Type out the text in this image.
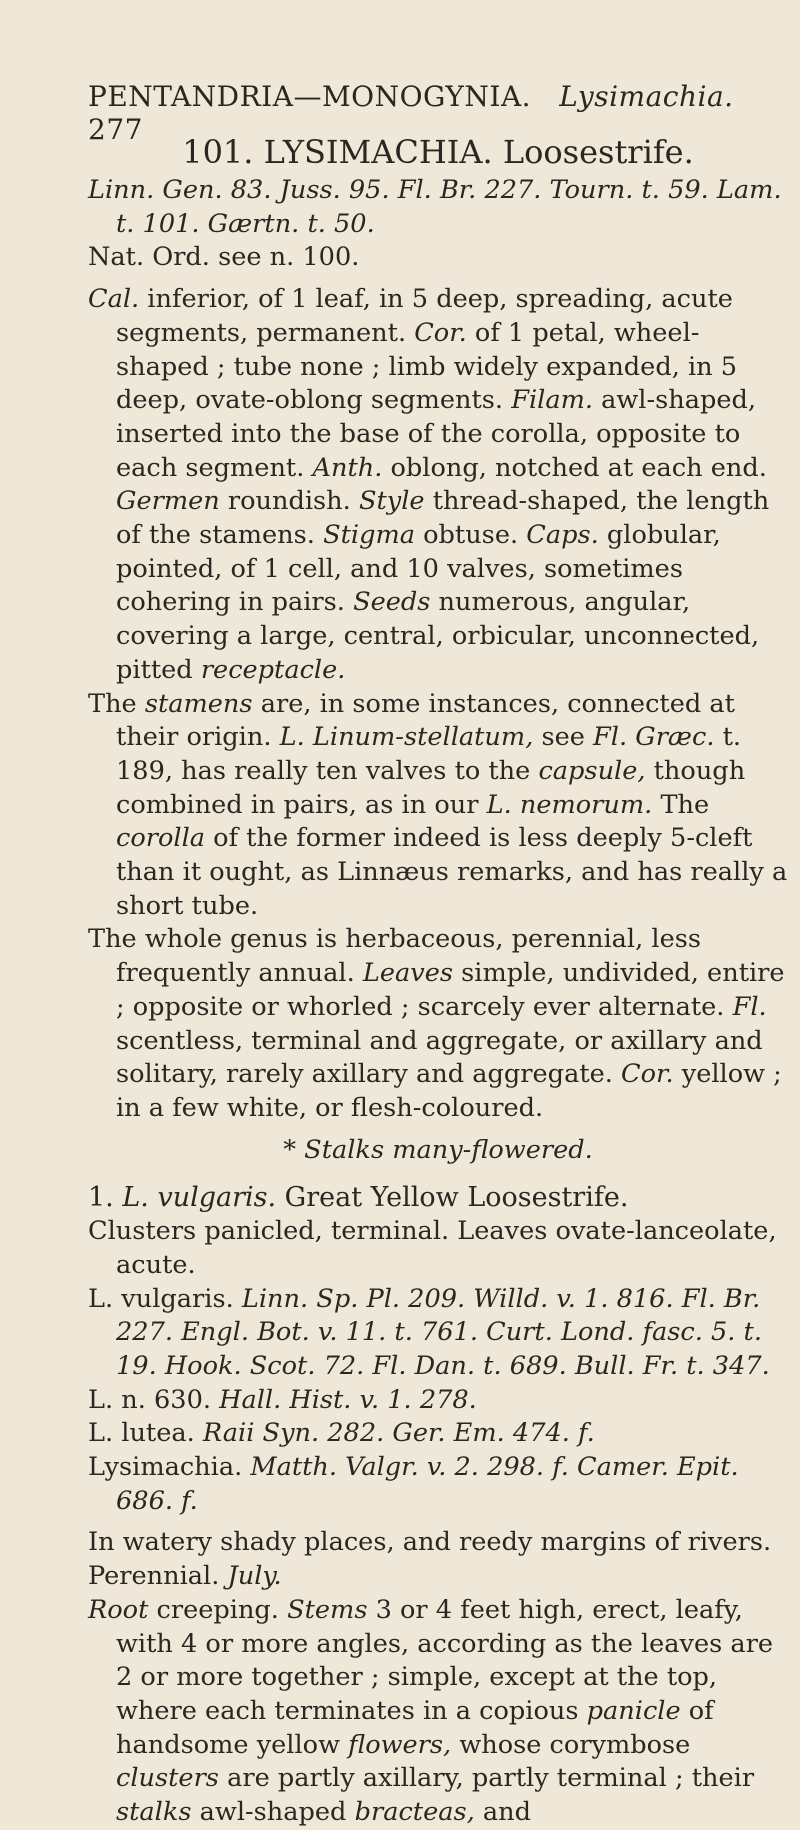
PENTANDRIA—MONOGYNIA. Lysimachia.  277

101. LYSIMACHIA. Loosestrife.

Linn. Gen. 83. Juss. 95. Fl. Br. 227. Tourn. t. 59. Lam. t. 101. Gærtn. t. 50.

Nat. Ord. see n. 100.

Cal. inferior, of 1 leaf, in 5 deep, spreading, acute segments, permanent. Cor. of 1 petal, wheel-shaped ; tube none ; limb widely expanded, in 5 deep, ovate-oblong segments. Filam. awl-shaped, inserted into the base of the corolla, opposite to each segment. Anth. oblong, notched at each end. Germen roundish. Style thread-shaped, the length of the stamens. Stigma obtuse. Caps. globular, pointed, of 1 cell, and 10 valves, sometimes cohering in pairs. Seeds numerous, angular, covering a large, central, orbicular, unconnected, pitted receptacle.

The stamens are, in some instances, connected at their origin. L. Linum-stellatum, see Fl. Græc. t. 189, has really ten valves to the capsule, though combined in pairs, as in our L. nemorum. The corolla of the former indeed is less deeply 5-cleft than it ought, as Linnæus remarks, and has really a short tube.

The whole genus is herbaceous, perennial, less frequently annual. Leaves simple, undivided, entire ; opposite or whorled ; scarcely ever alternate. Fl. scentless, terminal and aggregate, or axillary and solitary, rarely axillary and aggregate. Cor. yellow ; in a few white, or flesh-coloured.

* Stalks many-flowered.

1. L. vulgaris. Great Yellow Loosestrife.

Clusters panicled, terminal. Leaves ovate-lanceolate, acute.

L. vulgaris. Linn. Sp. Pl. 209. Willd. v. 1. 816. Fl. Br. 227. Engl. Bot. v. 11. t. 761. Curt. Lond. fasc. 5. t. 19. Hook. Scot. 72. Fl. Dan. t. 689. Bull. Fr. t. 347.

L. n. 630. Hall. Hist. v. 1. 278.

L. lutea. Raii Syn. 282. Ger. Em. 474. f.

Lysimachia. Matth. Valgr. v. 2. 298. f. Camer. Epit. 686. f.

In watery shady places, and reedy margins of rivers.

Perennial. July.

Root creeping. Stems 3 or 4 feet high, erect, leafy, with 4 or more angles, according as the leaves are 2 or more together ; simple, except at the top, where each terminates in a copious panicle of handsome yellow flowers, whose corymbose clusters are partly axillary, partly terminal ; their stalks awl-shaped bracteas, and
